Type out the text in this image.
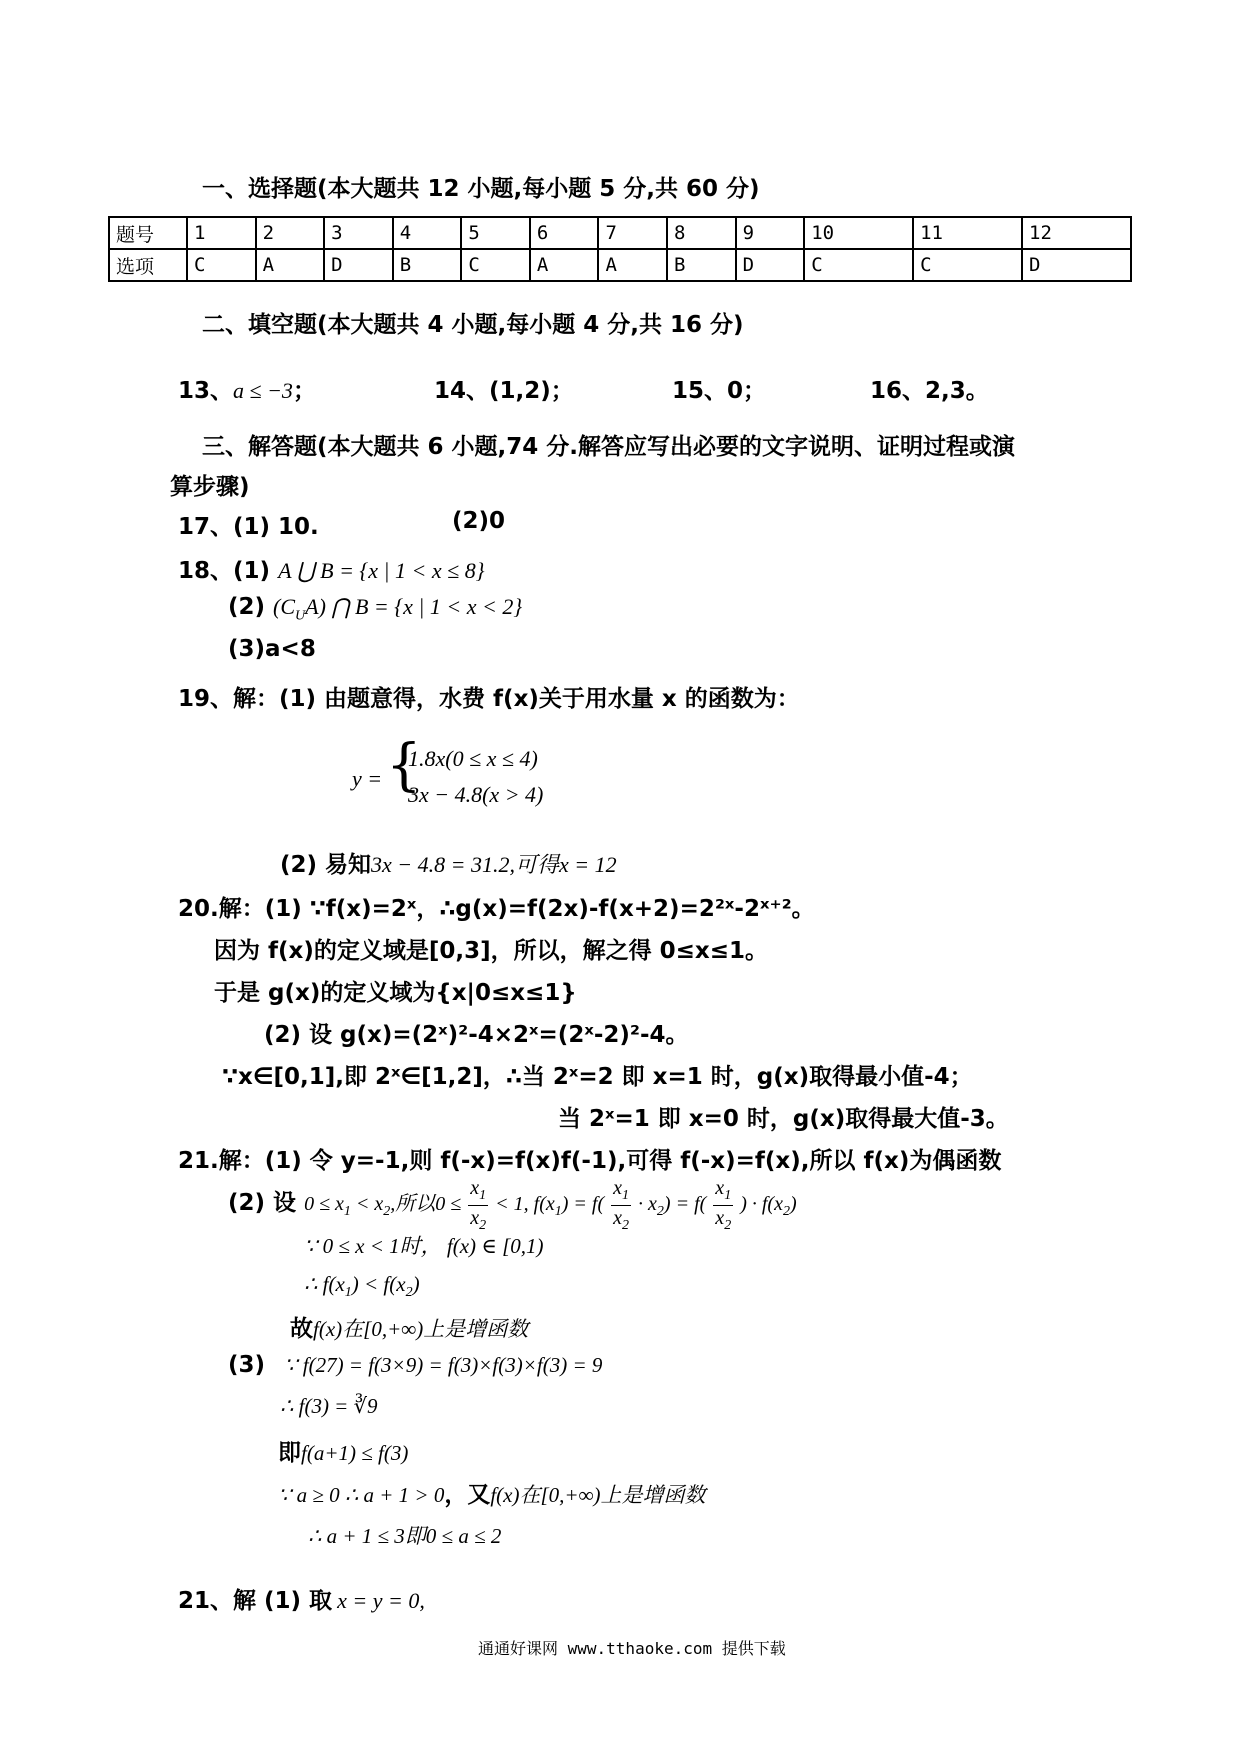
一、选择题(本大题共 12 小题,每小题 5 分,共 60 分)
题号	1	2	3	4	5	6	7	8	9	10	11	12
选项	C	A	D	B	C	A	A	B	D	C	C	D
二、填空题(本大题共 4 小题,每小题 4 分,共 16 分)
13、a ≤ −3；	14、(1,2)；	15、0；	16、2,3。
三、解答题(本大题共 6 小题,74 分.解答应写出必要的文字说明、证明过程或演
算步骤)
17、(1) 10.	(2)0
18、(1) A ⋃ B = {x | 1 < x ≤ 8}
(2) $(C_UA)$ ⋂ B = {x | 1 < x < 2}
(3)a<8
19、解：(1) 由题意得，水费 f(x)关于用水量 x 的函数为：
y = {
1.8x(0 ≤ x ≤ 4)
3x − 4.8(x > 4)
(2) 易知3x − 4.8 = 31.2,可得x = 12
20.解：(1) ∵f(x)=2ˣ，∴g(x)=f(2x)-f(x+2)=2²ˣ-2ˣ⁺²。
因为 f(x)的定义域是[0,3]，所以，解之得 0≤x≤1。
于是 g(x)的定义域为{x|0≤x≤1}
(2) 设 g(x)=(2ˣ)²-4×2ˣ=(2ˣ-2)²-4。
∵x∈[0,1],即 2ˣ∈[1,2]，∴当 2ˣ=2 即 x=1 时，g(x)取得最小值-4；
当 2ˣ=1 即 x=0 时，g(x)取得最大值-3。
21.解：(1) 令 y=-1,则 f(-x)=f(x)f(-1),可得 f(-x)=f(x),所以 f(x)为偶函数
(2) 设 $0 \le x_1 < x_2$,所以$0 \le \frac{x_1}{x_2} < 1$, $f(x_1) = f( \frac{x_1}{x_2} \cdot x_2) = f( \frac{x_1}{x_2}$ ) · $f(x_2)$
∵ 0 ≤ x < 1时， f(x) ∈ [0,1)
∴ $f(x_1) < f(x_2)$
故f(x)在[0,+∞)上是增函数
(3) ∵ f(27) = f(3×9) = f(3)×f(3)×f(3) = 9
∴ f(3) = ∛9
即f(a+1) ≤ f(3)
∵ a ≥ 0 ∴ a + 1 > 0，又f(x)在[0,+∞)上是增函数
∴ a + 1 ≤ 3即0 ≤ a ≤ 2
21、解 (1) 取 x = y = 0,
通通好课网 www.tthaoke.com 提供下载
